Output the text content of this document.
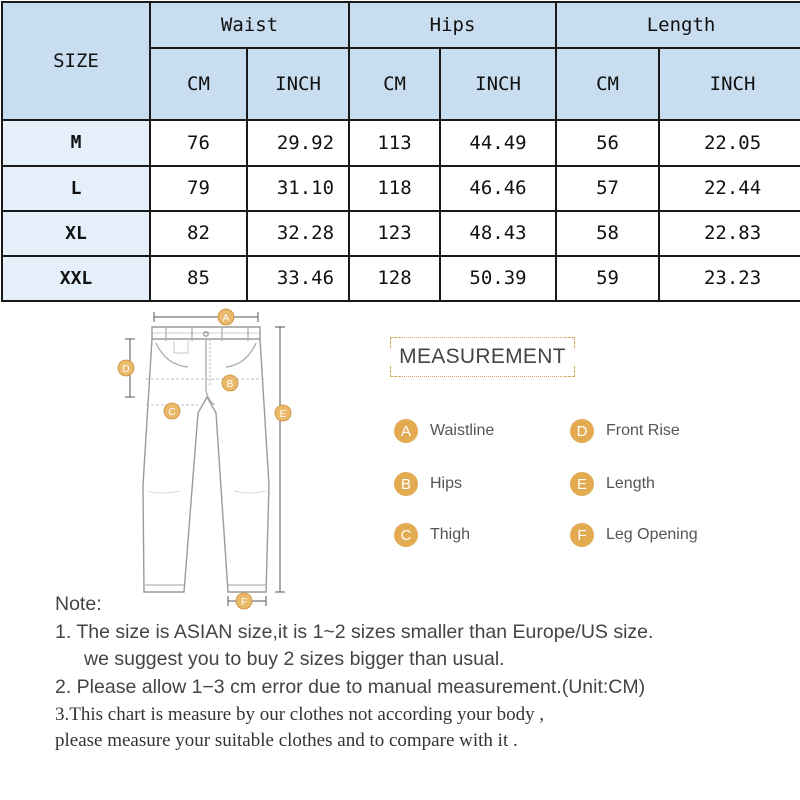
SIZE	Waist		Hips		Length	
	CM	INCH	CM	INCH	CM	INCH
M	76	29.92	113	44.49	56	22.05
L	79	31.10	118	46.46	57	22.44
XL	82	32.28	123	48.43	58	22.83
XXL	85	33.46	128	50.39	59	23.23
A
B
C
D
E
F
MEASUREMENT
A	Waistline
B	Hips
C	Thigh
D	Front Rise
E	Length
F	Leg Opening
Note:
1. The size is ASIAN size,it is 1~2 sizes smaller than Europe/US size.
we suggest you to buy 2 sizes bigger than usual.
2. Please allow 1−3 cm error due to manual measurement.(Unit:CM)
3.This chart is measure by our clothes not according your body ,
please measure your suitable clothes and to compare with it .
